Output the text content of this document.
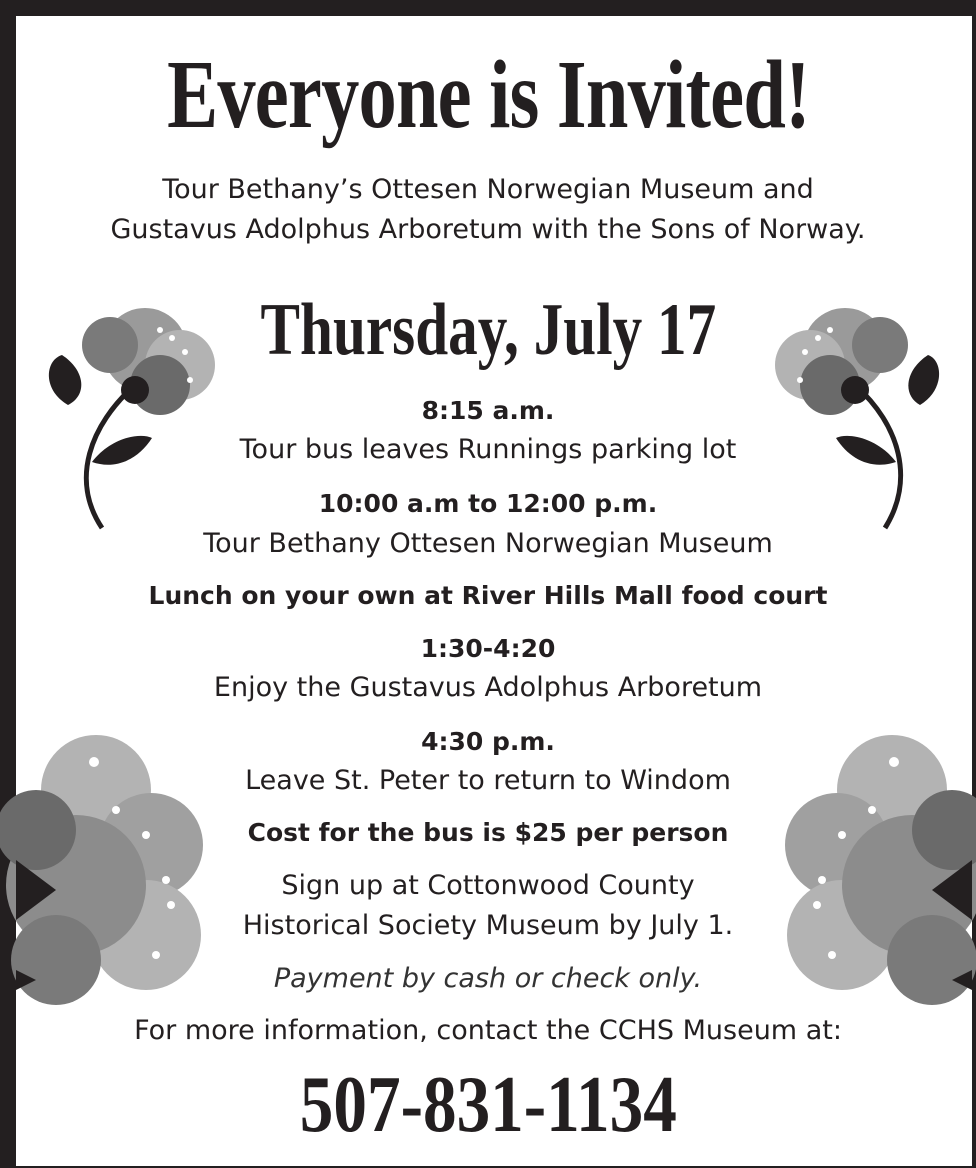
Everyone is Invited!

Tour Bethany’s Ottesen Norwegian Museum and

Gustavus Adolphus Arboretum with the Sons of Norway.

Thursday, July 17

8:15 a.m.

Tour bus leaves Runnings parking lot

10:00 a.m to 12:00 p.m.

Tour Bethany Ottesen Norwegian Museum

Lunch on your own at River Hills Mall food court

1:30-4:20

Enjoy the Gustavus Adolphus Arboretum

4:30 p.m.

Leave St. Peter to return to Windom

Cost for the bus is $25 per person

Sign up at Cottonwood County

Historical Society Museum by July 1.

Payment by cash or check only.

For more information, contact the CCHS Museum at:

507-831-1134
